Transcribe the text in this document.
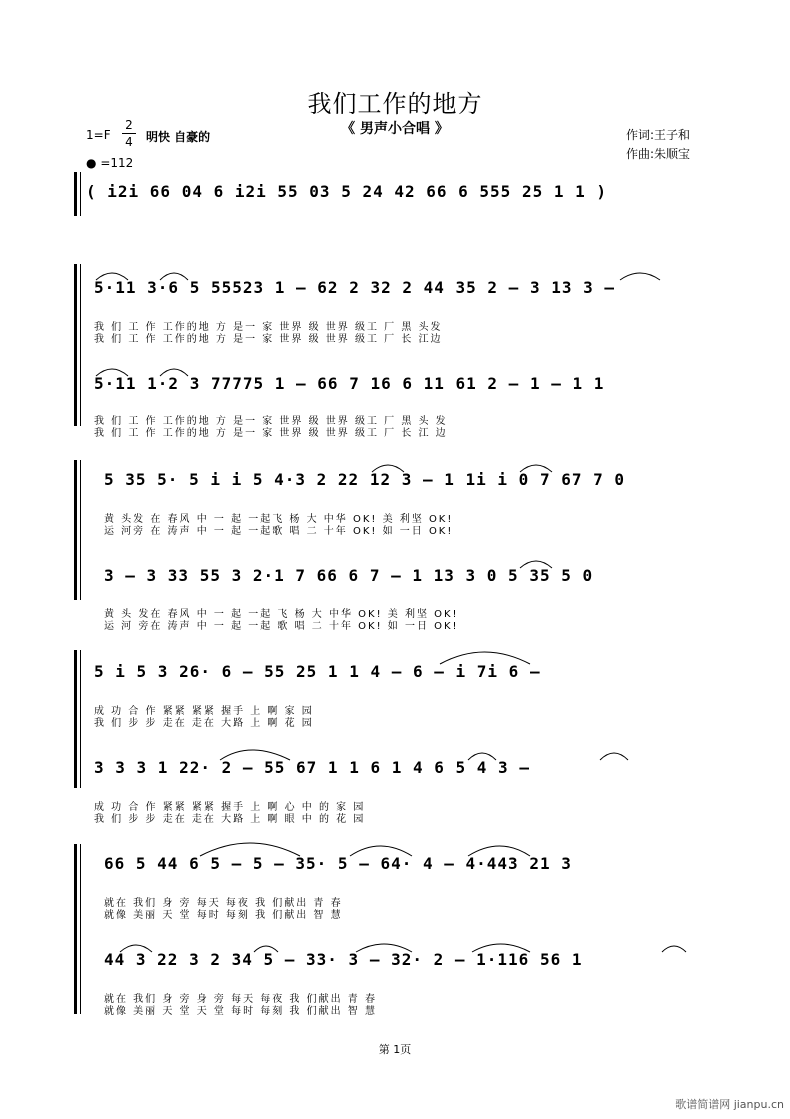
我们工作的地方
《 男声小合唱 》
1=F
2
4 明快 自豪的
● =112
作词:王子和
作曲:朱顺宝
( i2i 66 04 6 i2i 55 03 5 24 42 66 6 555 25 1 1 )
5·11 3·6 5 55523 1 – 62 2 32 2 44 35 2 – 3 13 3 –
我 们 工 作 工作的地 方 是一 家 世界 级 世界 级工 厂 黑 头发
我 们 工 作 工作的地 方 是一 家 世界 级 世界 级工 厂 长 江边
5·11 1·2 3 77775 1 – 66 7 16 6 11 61 2 – 1 – 1 1
我 们 工 作 工作的地 方 是一 家 世界 级 世界 级工 厂 黑 头 发
我 们 工 作 工作的地 方 是一 家 世界 级 世界 级工 厂 长 江 边
5 35 5· 5 i i 5 4·3 2 22 12 3 – 1 1i i 0 7 67 7 0
黄 头发 在 春风 中 一 起 一起飞 杨 大 中华 OK! 美 利坚 OK!
运 河旁 在 涛声 中 一 起 一起歌 唱 二 十年 OK! 如 一日 OK!
3 – 3 33 55 3 2·1 7 66 6 7 – 1 13 3 0 5 35 5 0
黄 头 发在 春风 中 一 起 一起 飞 杨 大 中华 OK! 美 利坚 OK!
运 河 旁在 涛声 中 一 起 一起 歌 唱 二 十年 OK! 如 一日 OK!
5 i 5 3 26· 6 – 55 25 1 1 4 – 6 – i 7i 6 –
成 功 合 作 紧紧 紧紧 握手 上 啊 家 园
我 们 步 步 走在 走在 大路 上 啊 花 园
3 3 3 1 22· 2 – 55 67 1 1 6 1 4 6 5 4 3 –
成 功 合 作 紧紧 紧紧 握手 上 啊 心 中 的 家 园
我 们 步 步 走在 走在 大路 上 啊 眼 中 的 花 园
66 5 44 6 5 – 5 – 35· 5 – 64· 4 – 4·443 21 3
就在 我们 身 旁 每天 每夜 我 们献出 青 春
就像 美丽 天 堂 每时 每刻 我 们献出 智 慧
44 3 22 3 2 34 5 – 33· 3 – 32· 2 – 1·116 56 1
就在 我们 身 旁 身 旁 每天 每夜 我 们献出 青 春
就像 美丽 天 堂 天 堂 每时 每刻 我 们献出 智 慧
第 1页
歌谱简谱网 jianpu.cn
